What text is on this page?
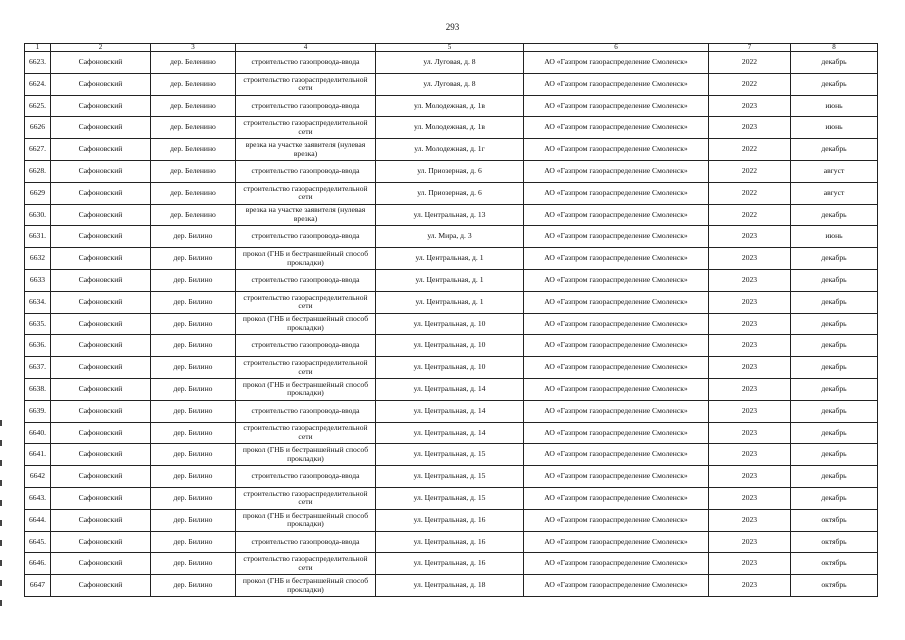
293
1	2	3	4	5	6	7	8
6623.	Сафоновский	дер. Беленино	строительство газопровода-ввода	ул. Луговая, д. 8	АО «Газпром газораспределение Смоленск»	2022	декабрь
6624.	Сафоновский	дер. Беленино	строительство газораспределительной сети	ул. Луговая, д. 8	АО «Газпром газораспределение Смоленск»	2022	декабрь
6625.	Сафоновский	дер. Беленино	строительство газопровода-ввода	ул. Молодежная, д. 1в	АО «Газпром газораспределение Смоленск»	2023	июнь
6626	Сафоновский	дер. Беленино	строительство газораспределительной сети	ул. Молодежная, д. 1в	АО «Газпром газораспределение Смоленск»	2023	июнь
6627.	Сафоновский	дер. Беленино	врезка на участке заявителя (нулевая врезка)	ул. Молодежная, д. 1г	АО «Газпром газораспределение Смоленск»	2022	декабрь
6628.	Сафоновский	дер. Беленино	строительство газопровода-ввода	ул. Приозерная, д. 6	АО «Газпром газораспределение Смоленск»	2022	август
6629	Сафоновский	дер. Беленино	строительство газораспределительной сети	ул. Приозерная, д. 6	АО «Газпром газораспределение Смоленск»	2022	август
6630.	Сафоновский	дер. Беленино	врезка на участке заявителя (нулевая врезка)	ул. Центральная, д. 13	АО «Газпром газораспределение Смоленск»	2022	декабрь
6631.	Сафоновский	дер. Билино	строительство газопровода-ввода	ул. Мира, д. 3	АО «Газпром газораспределение Смоленск»	2023	июнь
6632	Сафоновский	дер. Билино	прокол (ГНБ и бестраншейный способ прокладки)	ул. Центральная, д. 1	АО «Газпром газораспределение Смоленск»	2023	декабрь
6633	Сафоновский	дер. Билино	строительство газопровода-ввода	ул. Центральная, д. 1	АО «Газпром газораспределение Смоленск»	2023	декабрь
6634.	Сафоновский	дер. Билино	строительство газораспределительной сети	ул. Центральная, д. 1	АО «Газпром газораспределение Смоленск»	2023	декабрь
6635.	Сафоновский	дер. Билино	прокол (ГНБ и бестраншейный способ прокладки)	ул. Центральная, д. 10	АО «Газпром газораспределение Смоленск»	2023	декабрь
6636.	Сафоновский	дер. Билино	строительство газопровода-ввода	ул. Центральная, д. 10	АО «Газпром газораспределение Смоленск»	2023	декабрь
6637.	Сафоновский	дер. Билино	строительство газораспределительной сети	ул. Центральная, д. 10	АО «Газпром газораспределение Смоленск»	2023	декабрь
6638.	Сафоновский	дер. Билино	прокол (ГНБ и бестраншейный способ прокладки)	ул. Центральная, д. 14	АО «Газпром газораспределение Смоленск»	2023	декабрь
6639.	Сафоновский	дер. Билино	строительство газопровода-ввода	ул. Центральная, д. 14	АО «Газпром газораспределение Смоленск»	2023	декабрь
6640.	Сафоновский	дер. Билино	строительство газораспределительной сети	ул. Центральная, д. 14	АО «Газпром газораспределение Смоленск»	2023	декабрь
6641.	Сафоновский	дер. Билино	прокол (ГНБ и бестраншейный способ прокладки)	ул. Центральная, д. 15	АО «Газпром газораспределение Смоленск»	2023	декабрь
6642	Сафоновский	дер. Билино	строительство газопровода-ввода	ул. Центральная, д. 15	АО «Газпром газораспределение Смоленск»	2023	декабрь
6643.	Сафоновский	дер. Билино	строительство газораспределительной сети	ул. Центральная, д. 15	АО «Газпром газораспределение Смоленск»	2023	декабрь
6644.	Сафоновский	дер. Билино	прокол (ГНБ и бестраншейный способ прокладки)	ул. Центральная, д. 16	АО «Газпром газораспределение Смоленск»	2023	октябрь
6645.	Сафоновский	дер. Билино	строительство газопровода-ввода	ул. Центральная, д. 16	АО «Газпром газораспределение Смоленск»	2023	октябрь
6646.	Сафоновский	дер. Билино	строительство газораспределительной сети	ул. Центральная, д. 16	АО «Газпром газораспределение Смоленск»	2023	октябрь
6647	Сафоновский	дер. Билино	прокол (ГНБ и бестраншейный способ прокладки)	ул. Центральная, д. 18	АО «Газпром газораспределение Смоленск»	2023	октябрь
